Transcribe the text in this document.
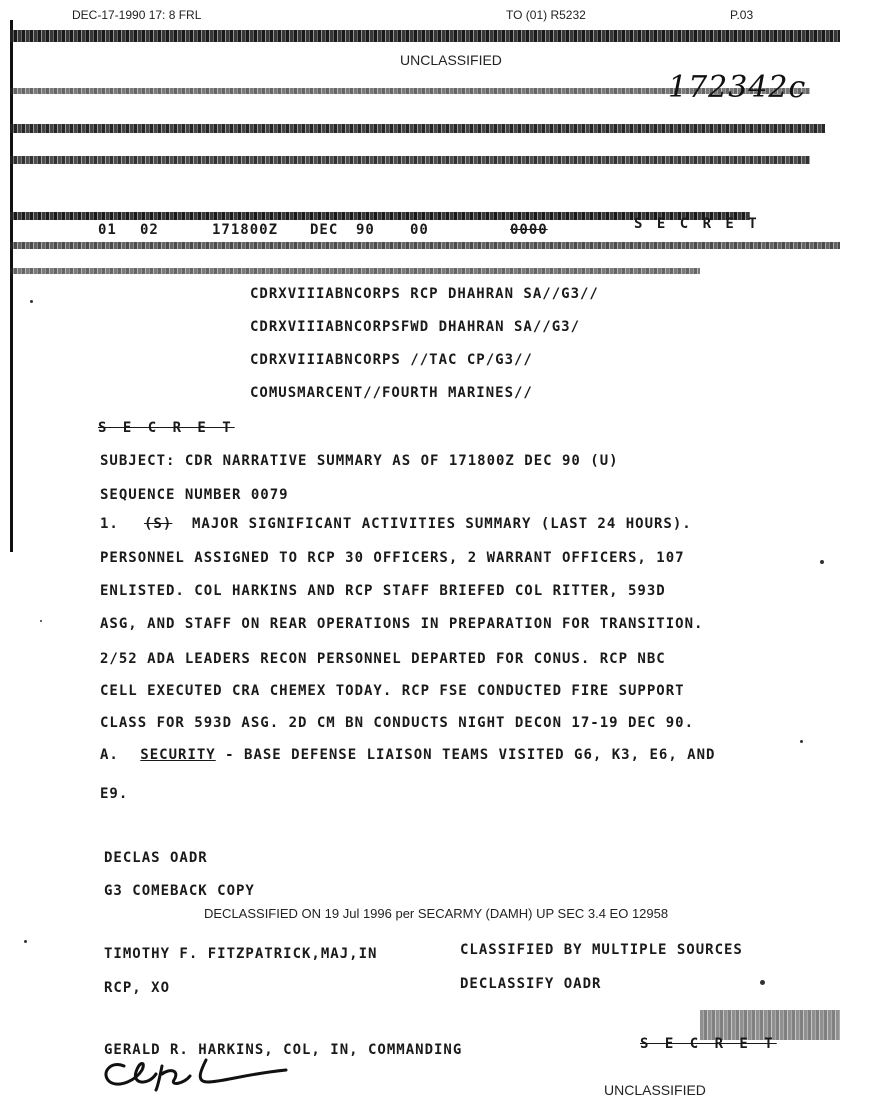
DEC-17-1990 17: 8 FRL	TO (01) R5232	P.03
UNCLASSIFIED
172342c
01 02	171800Z DEC 90	00	0000	S E C R E T
CDRXVIIIABNCORPS RCP DHAHRAN SA//G3//
CDRXVIIIABNCORPSFWD DHAHRAN SA//G3/
CDRXVIIIABNCORPS //TAC CP/G3//
COMUSMARCENT//FOURTH MARINES//
S E C R E T
SUBJECT: CDR NARRATIVE SUMMARY AS OF 171800Z DEC 90 (U)
SEQUENCE NUMBER 0079
1. (S) MAJOR SIGNIFICANT ACTIVITIES SUMMARY (LAST 24 HOURS).
PERSONNEL ASSIGNED TO RCP 30 OFFICERS, 2 WARRANT OFFICERS, 107
ENLISTED. COL HARKINS AND RCP STAFF BRIEFED COL RITTER, 593D
ASG, AND STAFF ON REAR OPERATIONS IN PREPARATION FOR TRANSITION.
2/52 ADA LEADERS RECON PERSONNEL DEPARTED FOR CONUS. RCP NBC
CELL EXECUTED CRA CHEMEX TODAY. RCP FSE CONDUCTED FIRE SUPPORT
CLASS FOR 593D ASG. 2D CM BN CONDUCTS NIGHT DECON 17-19 DEC 90.
A. SECURITY - BASE DEFENSE LIAISON TEAMS VISITED G6, K3, E6, AND
E9.
DECLAS OADR
G3 COMEBACK COPY
DECLASSIFIED ON 19 Jul 1996 per SECARMY (DAMH) UP SEC 3.4 EO 12958
TIMOTHY F. FITZPATRICK,MAJ,IN	CLASSIFIED BY MULTIPLE SOURCES
RCP, XO	DECLASSIFY OADR
GERALD R. HARKINS, COL, IN, COMMANDING	S E C R E T
UNCLASSIFIED
